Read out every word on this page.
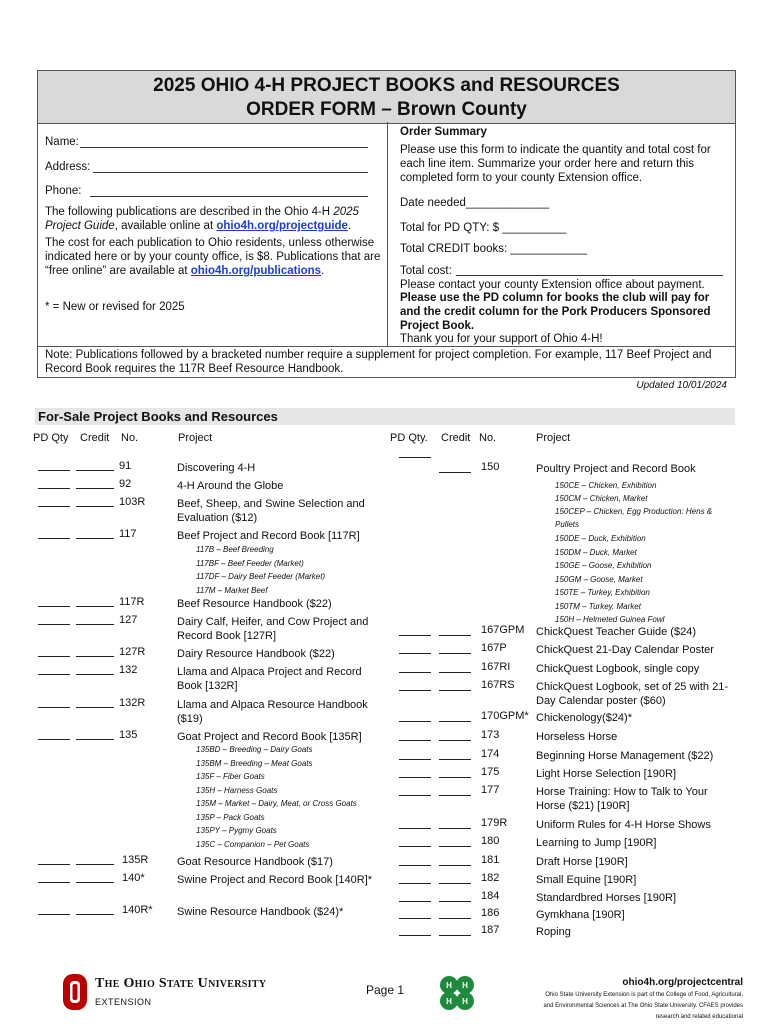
2025 OHIO 4-H PROJECT BOOKS and RESOURCES
ORDER FORM – Brown County
Name:
Address:
Phone:
The following publications are described in the Ohio 4-H 2025 Project Guide, available online at ohio4h.org/projectguide.
The cost for each publication to Ohio residents, unless otherwise indicated here or by your county office, is $8. Publications that are “free online” are available at ohio4h.org/publications.
* = New or revised for 2025
Order Summary
Please use this form to indicate the quantity and total cost for each line item. Summarize your order here and return this completed form to your county Extension office.
Date needed_____________
Total for PD QTY: $ __________
Total CREDIT books: ____________
Total cost:
Please contact your county Extension office about payment.
Please use the PD column for books the club will pay for and the credit column for the Pork Producers Sponsored Project Book.
Thank you for your support of Ohio 4-H!
Note: Publications followed by a bracketed number require a supplement for project completion. For example, 117 Beef Project and Record Book requires the 117R Beef Resource Handbook.
Updated 10/01/2024
For-Sale Project Books and Resources
PD Qty Credit No.	Project	PD Qty. Credit No.	Project
91	Discovering 4-H
92	4-H Around the Globe
103R	Beef, Sheep, and Swine Selection and Evaluation ($12)
117	Beef Project and Record Book [117R]
117R	Beef Resource Handbook ($22)
127	Dairy Calf, Heifer, and Cow Project and Record Book [127R]
127R	Dairy Resource Handbook ($22)
132	Llama and Alpaca Project and Record Book [132R]
132R	Llama and Alpaca Resource Handbook ($19)
135	Goat Project and Record Book [135R]
135R	Goat Resource Handbook ($17)
140*	Swine Project and Record Book [140R]*
140R* Swine Resource Handbook ($24)*
117B – Beef Breeding
117BF – Beef Feeder (Market)
117DF – Dairy Beef Feeder (Market)
117M – Market Beef
135BD – Breeding – Dairy Goats
135BM – Breeding – Meat Goats
135F – Fiber Goats
135H – Harness Goats
135M – Market – Dairy, Meat, or Cross Goats
135P – Pack Goats
135PY – Pygmy Goats
135C – Companion – Pet Goats
150	Poultry Project and Record Book
167GPM ChickQuest Teacher Guide ($24)
167P	ChickQuest 21-Day Calendar Poster
167RI ChickQuest Logbook, single copy
167RS ChickQuest Logbook, set of 25 with 21-Day Calendar poster ($60)
170GPM* Chickenology($24)*
173	Horseless Horse
174	Beginning Horse Management ($22)
175	Light Horse Selection [190R]
177	Horse Training: How to Talk to Your Horse ($21) [190R]
179R	Uniform Rules for 4-H Horse Shows
180	Learning to Jump [190R]
181	Draft Horse [190R]
182	Small Equine [190R]
184	Standardbred Horses [190R]
186	Gymkhana [190R]
187	Roping
150CE – Chicken, Exhibition
150CM – Chicken, Market
150CEP – Chicken, Egg Production: Hens & Pullets
150DE – Duck, Exhibition
150DM – Duck, Market
150GE – Goose, Exhibition
150GM – Goose, Market
150TE – Turkey, Exhibition
150TM – Turkey, Market
150H – Helmeted Guinea Fowl
The Ohio State University
EXTENSION
Page 1	H H
H H
ohio4h.org/projectcentral
Ohio State University Extension is part of the College of Food, Agricultural, and Environmental Sciences at The Ohio State University. CFAES provides research and related educational
